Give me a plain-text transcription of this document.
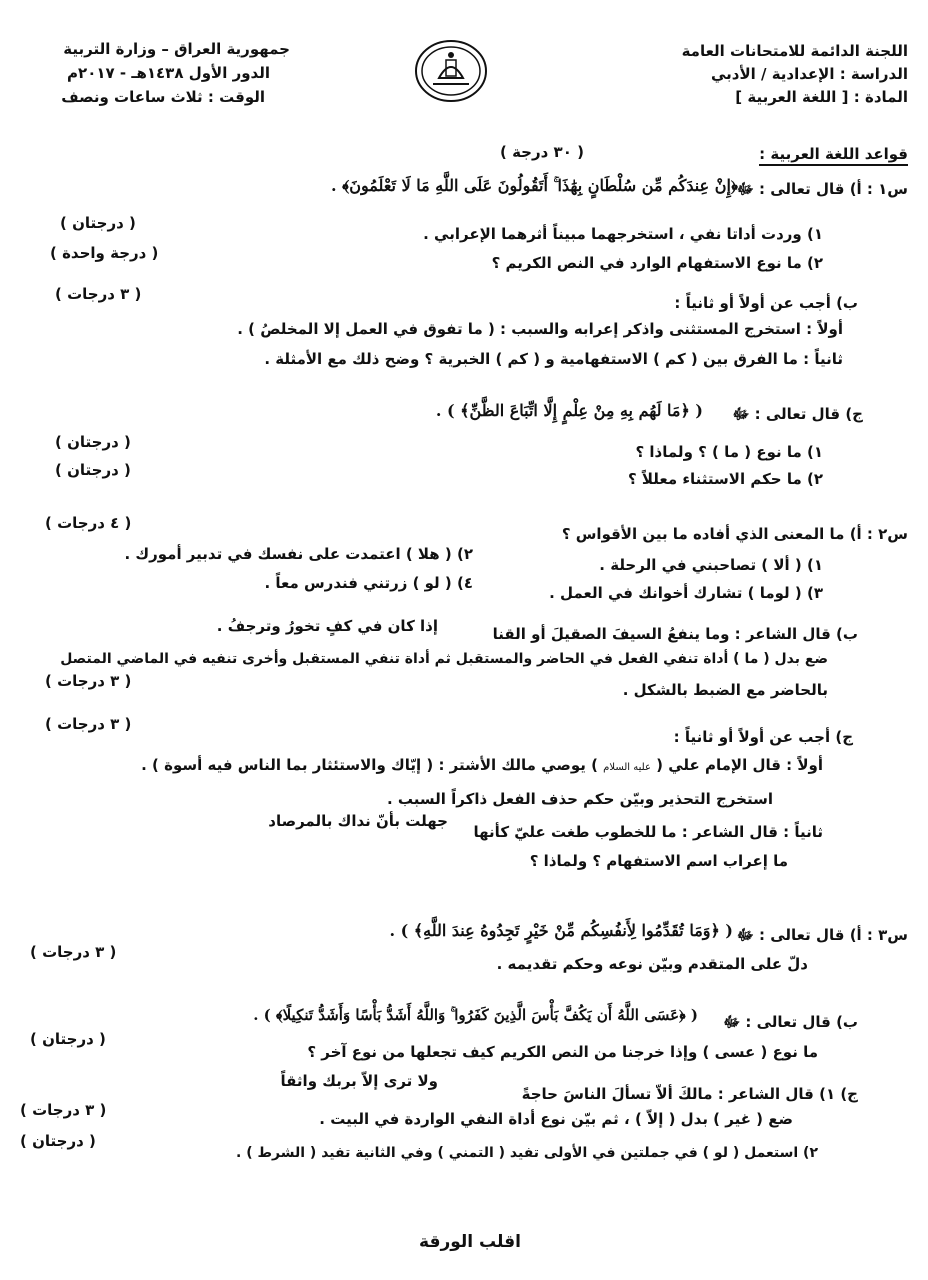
اللجنة الدائمة للامتحانات العامة
الدراسة : الإعدادية / الأدبي
المادة : [ اللغة العربية ]
جمهورية العراق – وزارة التربية
الدور الأول ١٤٣٨هـ - ٢٠١٧م
الوقت : ثلاث ساعات ونصف
قواعد اللغة العربية :
( ٣٠ درجة )
س١ : أ) قال تعالى : ﷻ
﴿إِنْ عِندَكُم مِّن سُلْطَانٍ بِهَٰذَا ۚ أَتَقُولُونَ عَلَى اللَّهِ مَا لَا تَعْلَمُونَ﴾ .
١) وردت أداتا نفي ، استخرجهما مبيناً أثرهما الإعرابي .
( درجتان )
٢) ما نوع الاستفهام الوارد في النص الكريم ؟
( درجة واحدة )
ب) أجب عن أولاً أو ثانياً :
( ٣ درجات )
أولاً : استخرج المستثنى واذكر إعرابه والسبب : ( ما تفوق في العمل إلا المخلصُ ) .
ثانياً : ما الفرق بين ( كم ) الاستفهامية و ( كم ) الخبرية ؟ وضح ذلك مع الأمثلة .
ج) قال تعالى : ﷻ
( ﴿مَا لَهُم بِهِ مِنْ عِلْمٍ إِلَّا اتِّبَاعَ الظَّنِّ﴾ ) .
١) ما نوع ( ما ) ؟ ولماذا ؟
( درجتان )
٢) ما حكم الاستثناء معللاً ؟
( درجتان )
س٢ : أ) ما المعنى الذي أفاده ما بين الأقواس ؟
( ٤ درجات )
١) ( ألا ) تصاحبني في الرحلة .
٢) ( هلا ) اعتمدت على نفسك في تدبير أمورك .
٣) ( لوما ) تشارك أخوانك في العمل .
٤) ( لو ) زرتني فندرس معاً .
ب) قال الشاعر : وما ينفعُ السيفَ الصقيلَ أو القنا
إذا كان في كفٍ تخورُ وترجفُ .
ضع بدل ( ما ) أداة تنفي الفعل في الحاضر والمستقبل ثم أداة تنفي المستقبل وأخرى تنفيه في الماضي المتصل
بالحاضر مع الضبط بالشكل .
( ٣ درجات )
ج) أجب عن أولاً أو ثانياً :
( ٣ درجات )
أولاً : قال الإمام علي ( عليه السلام ) يوصي مالك الأشتر : ( إيّاك والاستئثار بما الناس فيه أسوة ) .
استخرج التحذير وبيّن حكم حذف الفعل ذاكراً السبب .
ثانياً : قال الشاعر : ما للخطوب طغت عليّ كأنها
جهلت بأنّ نداك بالمرصاد
ما إعراب اسم الاستفهام ؟ ولماذا ؟
س٣ : أ) قال تعالى : ﷻ
( ﴿وَمَا تُقَدِّمُوا لِأَنفُسِكُم مِّنْ خَيْرٍ تَجِدُوهُ عِندَ اللَّهِ﴾ ) .
دلّ على المتقدم وبيّن نوعه وحكم تقديمه .
( ٣ درجات )
ب) قال تعالى : ﷻ
( ﴿عَسَى اللَّهُ أَن يَكُفَّ بَأْسَ الَّذِينَ كَفَرُوا ۚ وَاللَّهُ أَشَدُّ بَأْسًا وَأَشَدُّ تَنكِيلًا﴾ ) .
ما نوع ( عسى ) وإذا خرجنا من النص الكريم كيف تجعلها من نوع آخر ؟
( درجتان )
ج) ١) قال الشاعر : مالكَ ألاّ تسألَ الناسَ حاجةً
ولا ترى إلاّ بربك واثقاً
ضع ( غير ) بدل ( إلاّ ) ، ثم بيّن نوع أداة النفي الواردة في البيت .
( ٣ درجات )
٢) استعمل ( لو ) في جملتين في الأولى تفيد ( التمني ) وفي الثانية تفيد ( الشرط ) .
( درجتان )
اقلب الورقة
